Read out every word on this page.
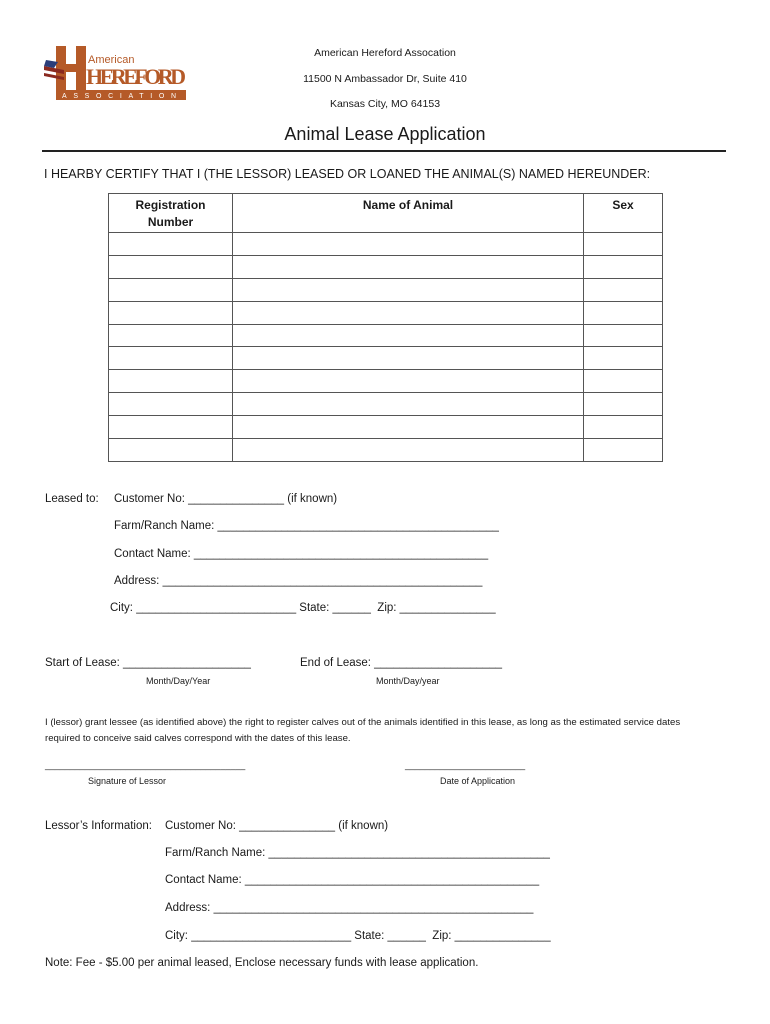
American
HEREFORD
ASSOCIATION
American Hereford Assocation
11500 N Ambassador Dr, Suite 410
Kansas City, MO 64153
Animal Lease Application
I HEARBY CERTIFY THAT I (THE LESSOR) LEASED OR LOANED THE ANIMAL(S) NAMED HEREUNDER:
Registration Number	Name of Animal	Sex

Leased to: Customer No: _______________ (if known)
Farm/Ranch Name: ____________________________________________
Contact Name: ______________________________________________
Address: __________________________________________________
City: _________________________ State: ______  Zip: _______________
Start of Lease: ____________________
Month/Day/Year
End of Lease: ____________________
Month/Day/year
I (lessor) grant lessee (as identified above) the right to register calves out of the animals identified in this lease, as long as the estimated service dates required to conceive said calves correspond with the dates of this lease.
________________________________________
Signature of Lessor
________________________
Date of Application
Lessor’s Information: Customer No: _______________ (if known)
Farm/Ranch Name: ____________________________________________
Contact Name: ______________________________________________
Address: __________________________________________________
City: _________________________ State: ______  Zip: _______________
Note: Fee - $5.00 per animal leased, Enclose necessary funds with lease application.
